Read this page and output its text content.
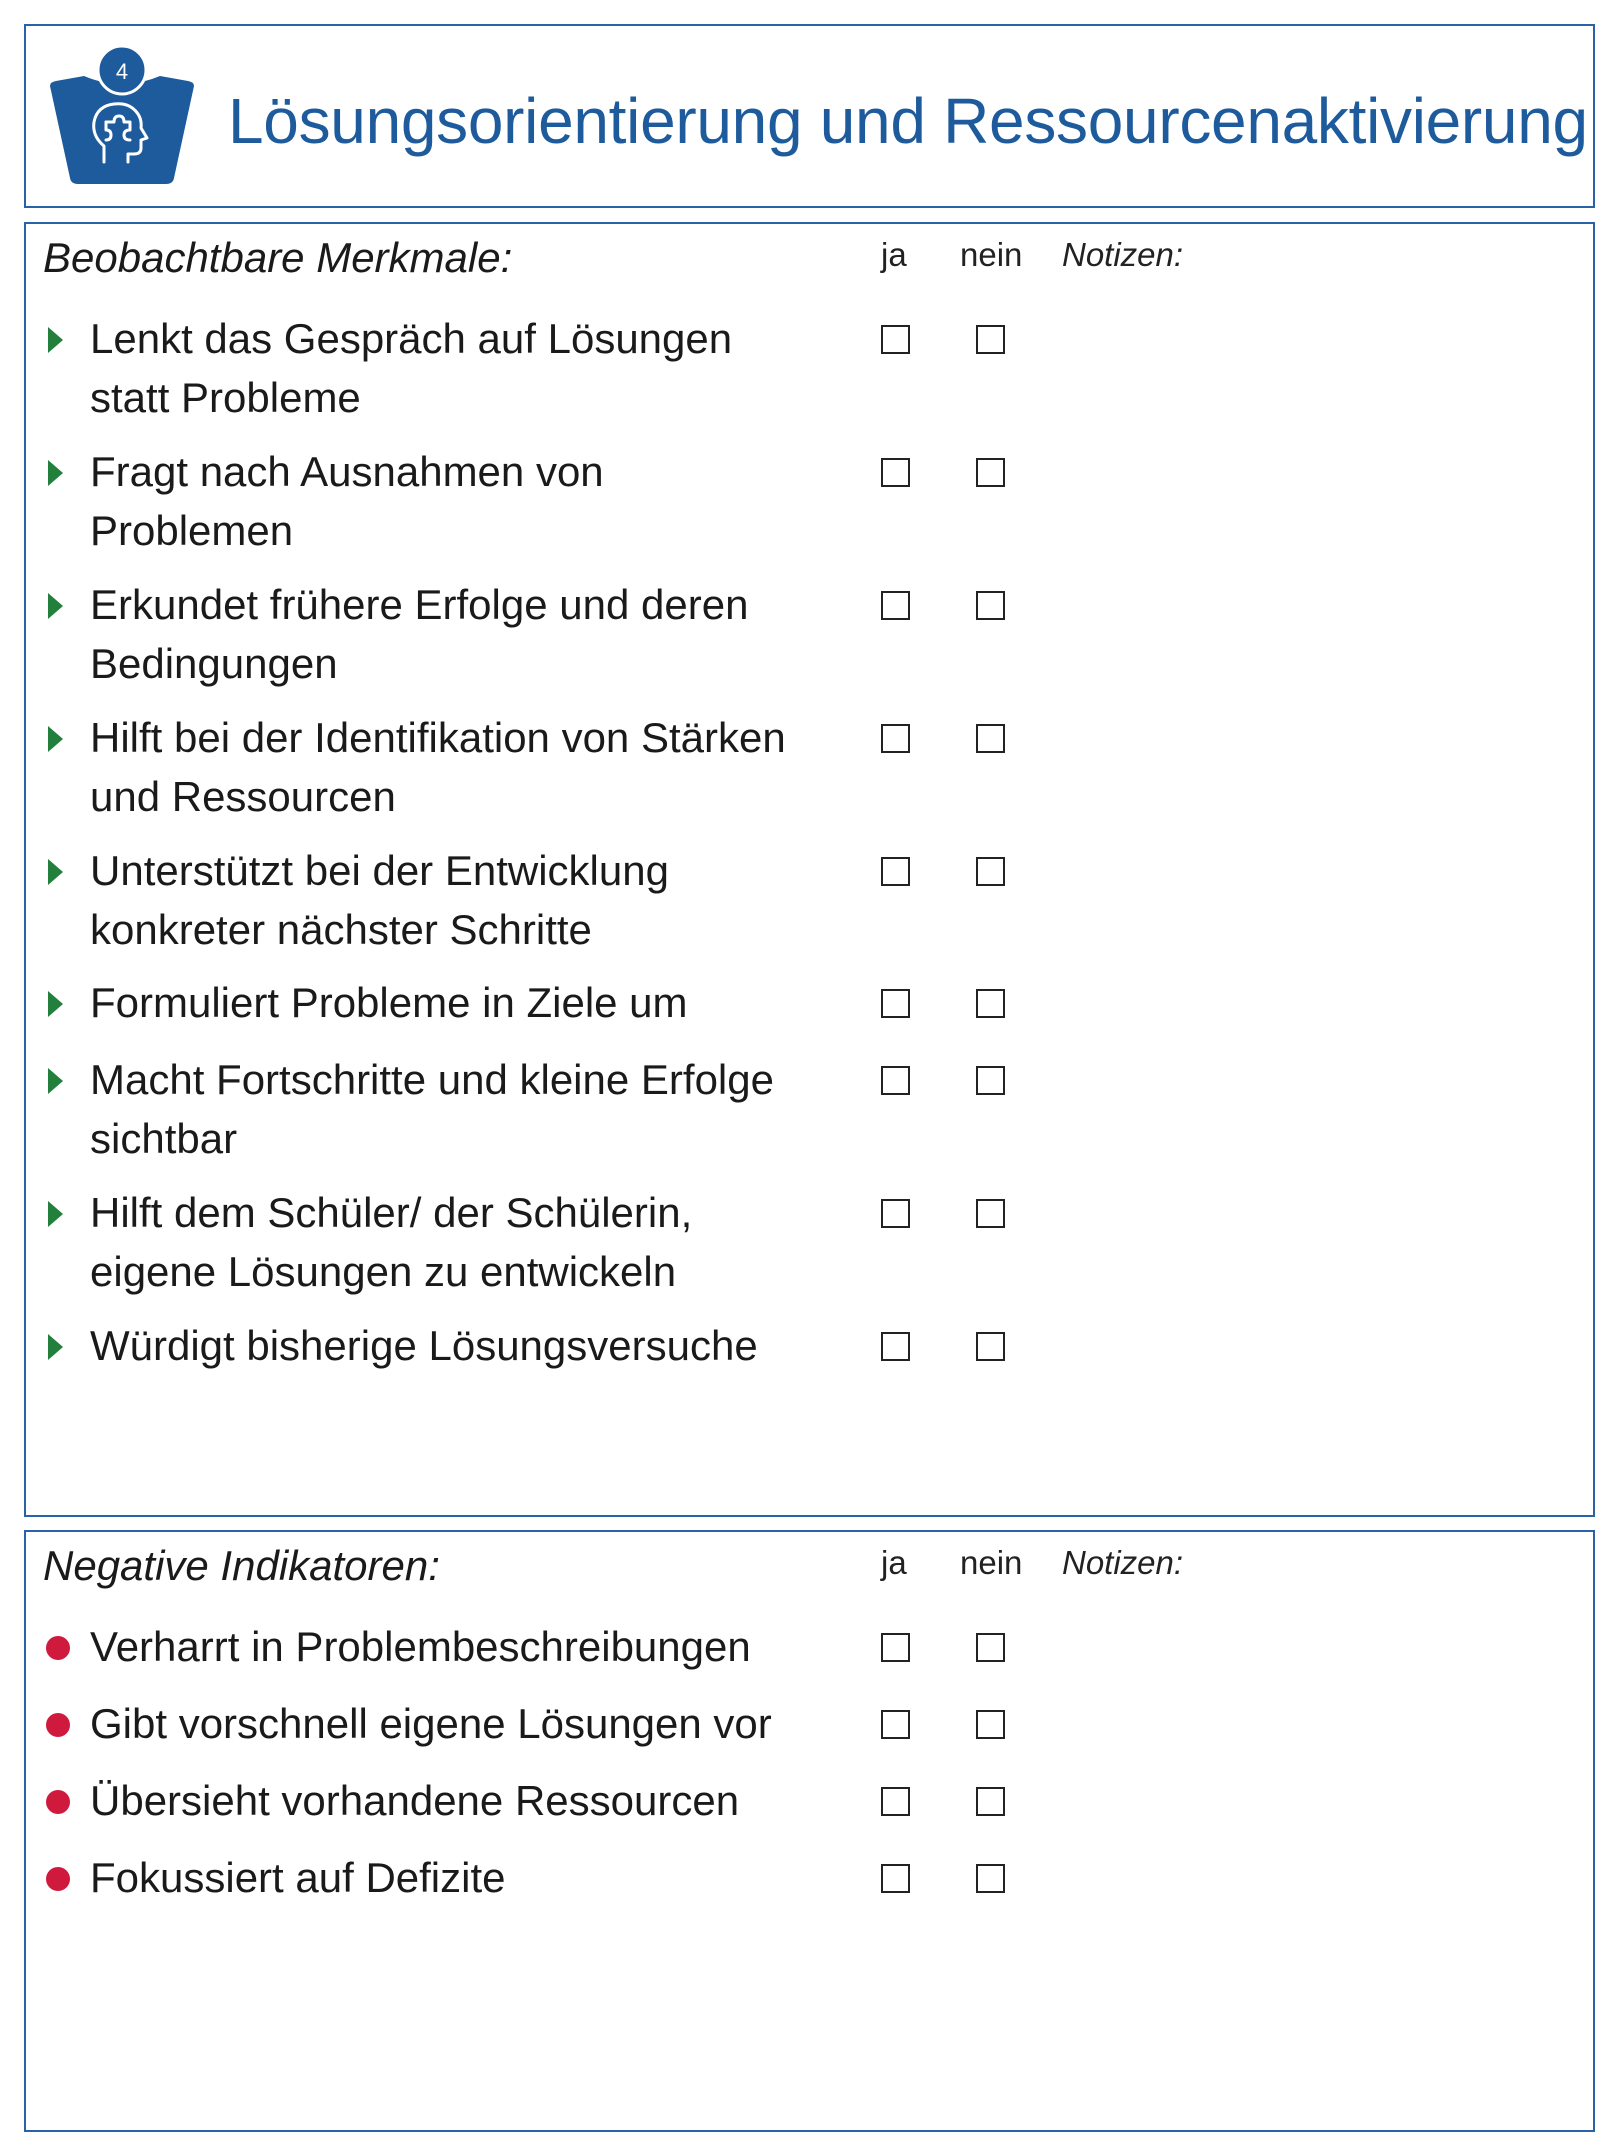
4
Lösungsorientierung und Ressourcenaktivierung
Beobachtbare Merkmale:	ja nein Notizen:
Lenkt das Gespräch auf Lösungen
statt Probleme
Fragt nach Ausnahmen von
Problemen
Erkundet frühere Erfolge und deren
Bedingungen
Hilft bei der Identifikation von Stärken
und Ressourcen
Unterstützt bei der Entwicklung
konkreter nächster Schritte
Formuliert Probleme in Ziele um
Macht Fortschritte und kleine Erfolge
sichtbar
Hilft dem Schüler/ der Schülerin,
eigene Lösungen zu entwickeln
Würdigt bisherige Lösungsversuche
Negative Indikatoren:	ja nein Notizen:
Verharrt in Problembeschreibungen
Gibt vorschnell eigene Lösungen vor
Übersieht vorhandene Ressourcen
Fokussiert auf Defizite
